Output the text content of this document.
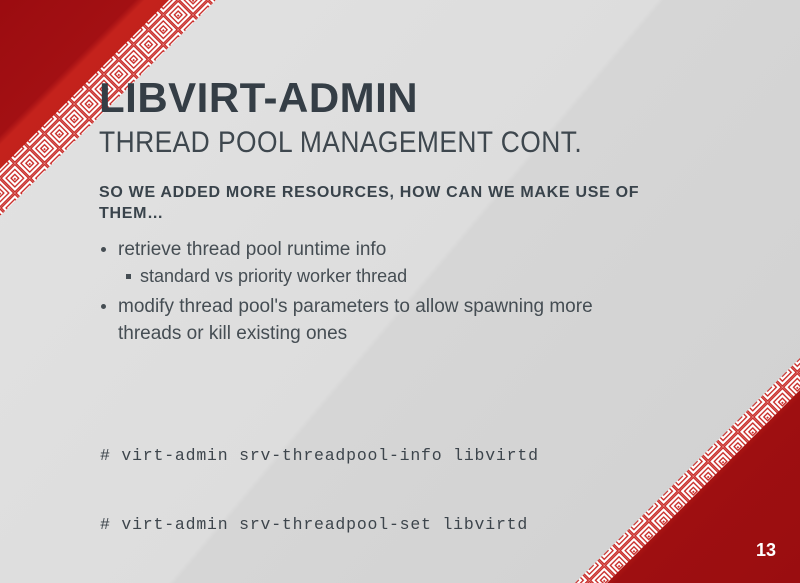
LIBVIRT-ADMIN
THREAD POOL MANAGEMENT CONT.
SO WE ADDED MORE RESOURCES, HOW CAN WE MAKE USE OF
THEM…
retrieve thread pool runtime info
standard vs priority worker thread
modify thread pool's parameters to allow spawning more
threads or kill existing ones

# virt-admin srv-threadpool-info libvirtd

# virt-admin srv-threadpool-set libvirtd

13
